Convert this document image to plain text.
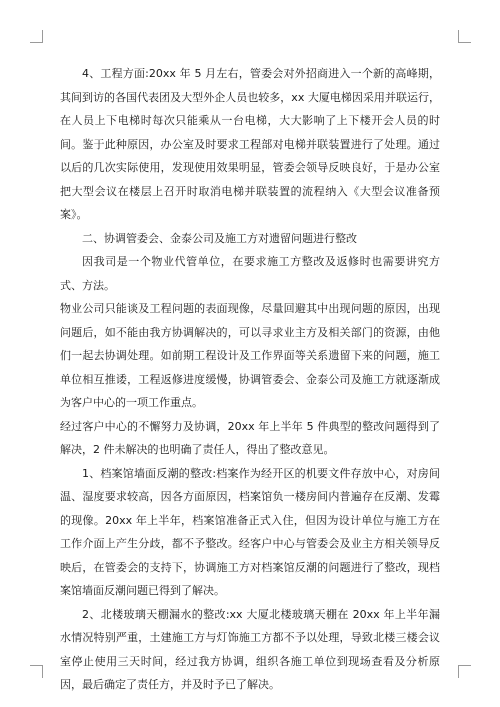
4、工程方面:20xx 年 5 月左右，管委会对外招商进入一个新的高峰期，其间到访的各国代表团及大型外企人员也较多，xx 大厦电梯因采用并联运行，在人员上下电梯时每次只能乘从一台电梯，大大影响了上下楼开会人员的时间。鉴于此种原因，办公室及时要求工程部对电梯并联装置进行了处理。通过以后的几次实际使用，发现使用效果明显，管委会领导反映良好，于是办公室把大型会议在楼层上召开时取消电梯并联装置的流程纳入《大型会议准备预案》。

二、协调管委会、金泰公司及施工方对遗留问题进行整改

因我司是一个物业代管单位，在要求施工方整改及返修时也需要讲究方式、方法。

物业公司只能谈及工程问题的表面现像，尽量回避其中出现问题的原因，出现问题后，如不能由我方协调解决的，可以寻求业主方及相关部门的资源，由他们一起去协调处理。如前期工程设计及工作界面等关系遗留下来的问题，施工单位相互推诿，工程返修进度缓慢，协调管委会、金泰公司及施工方就逐渐成为客户中心的一项工作重点。

经过客户中心的不懈努力及协调，20xx 年上半年 5 件典型的整改问题得到了解决，2 件未解决的也明确了责任人，得出了整改意见。

1、档案馆墙面反潮的整改:档案作为经开区的机要文件存放中心，对房间温、湿度要求较高，因各方面原因，档案馆负一楼房间内普遍存在反潮、发霉的现像。20xx 年上半年，档案馆准备正式入住，但因为设计单位与施工方在工作介面上产生分歧，都不予整改。经客户中心与管委会及业主方相关领导反映后，在管委会的支持下，协调施工方对档案馆反潮的问题进行了整改，现档案馆墙面反潮问题已得到了解决。

2、北楼玻璃天棚漏水的整改:xx 大厦北楼玻璃天棚在 20xx 年上半年漏水情况特别严重，土建施工方与灯饰施工方都不予以处理，导致北楼三楼会议室停止使用三天时间，经过我方协调，组织各施工单位到现场查看及分析原因，最后确定了责任方，并及时予已了解决。
